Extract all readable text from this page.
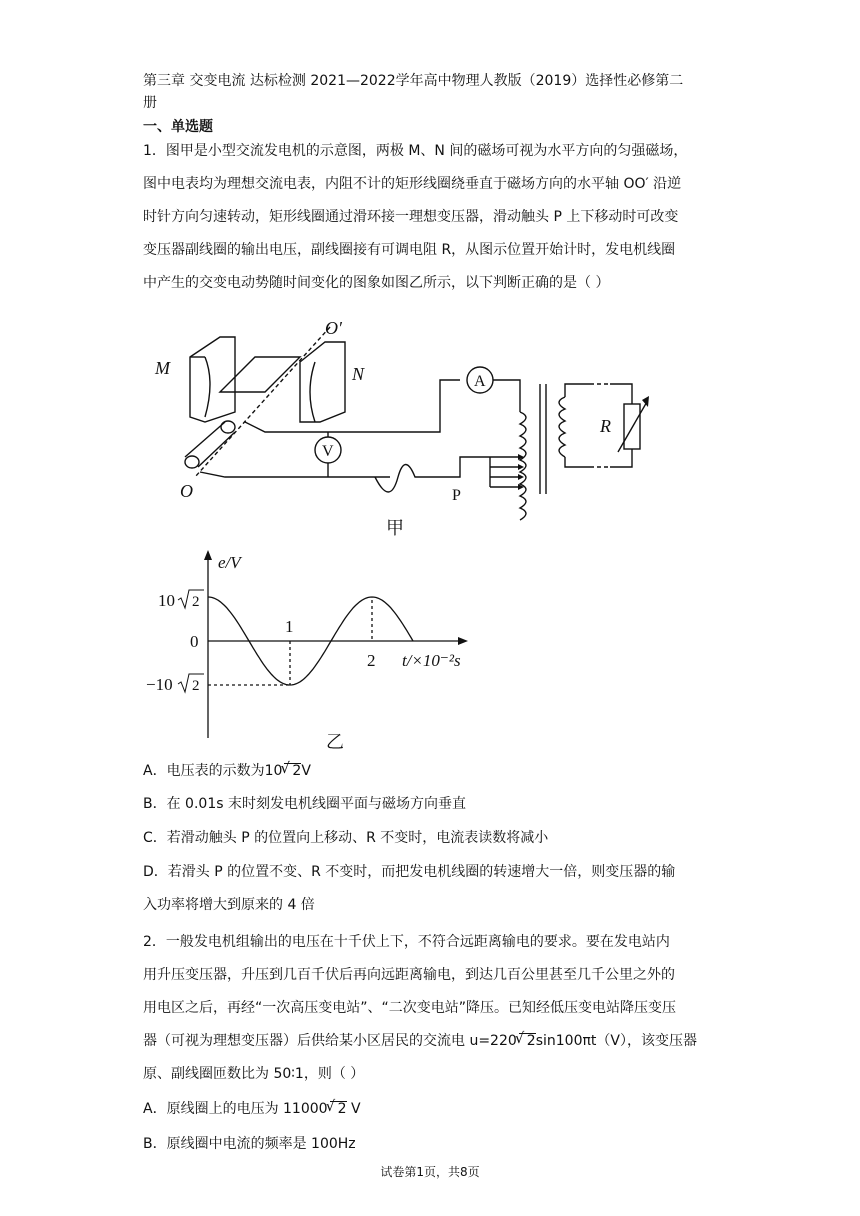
第三章 交变电流 达标检测 2021—2022学年高中物理人教版（2019）选择性必修第二
册
一、单选题
1．图甲是小型交流发电机的示意图，两极 M、N 间的磁场可视为水平方向的匀强磁场，
图中电表均为理想交流电表，内阻不计的矩形线圈绕垂直于磁场方向的水平轴 OO′ 沿逆
时针方向匀速转动，矩形线圈通过滑环接一理想变压器，滑动触头 P 上下移动时可改变
变压器副线圈的输出电压，副线圈接有可调电阻 R，从图示位置开始计时，发电机线圈
中产生的交变电动势随时间变化的图象如图乙所示，以下判断正确的是（ ）
M	N
O
O′
R
A
V
P
甲
e/V
10
0
−10
1
2 t/×10⁻²s
乙
2
2
A．电压表的示数为10 √ 2V
B．在 0.01s 末时刻发电机线圈平面与磁场方向垂直
C．若滑动触头 P 的位置向上移动、R 不变时，电流表读数将减小
D．若滑头 P 的位置不变、R 不变时，而把发电机线圈的转速增大一倍，则变压器的输
入功率将增大到原来的 4 倍
2．一般发电机组输出的电压在十千伏上下，不符合远距离输电的要求。要在发电站内
用升压变压器，升压到几百千伏后再向远距离输电，到达几百公里甚至几千公里之外的
用电区之后，再经“一次高压变电站”、“二次变电站”降压。已知经低压变电站降压变压
器（可视为理想变压器）后供给某小区居民的交流电 u=220 √ 2sin100πt（V），该变压器
原、副线圈匝数比为 50∶1，则（ ）
A．原线圈上的电压为 11000 √ 2 V
B．原线圈中电流的频率是 100Hz
试卷第1页，共8页
